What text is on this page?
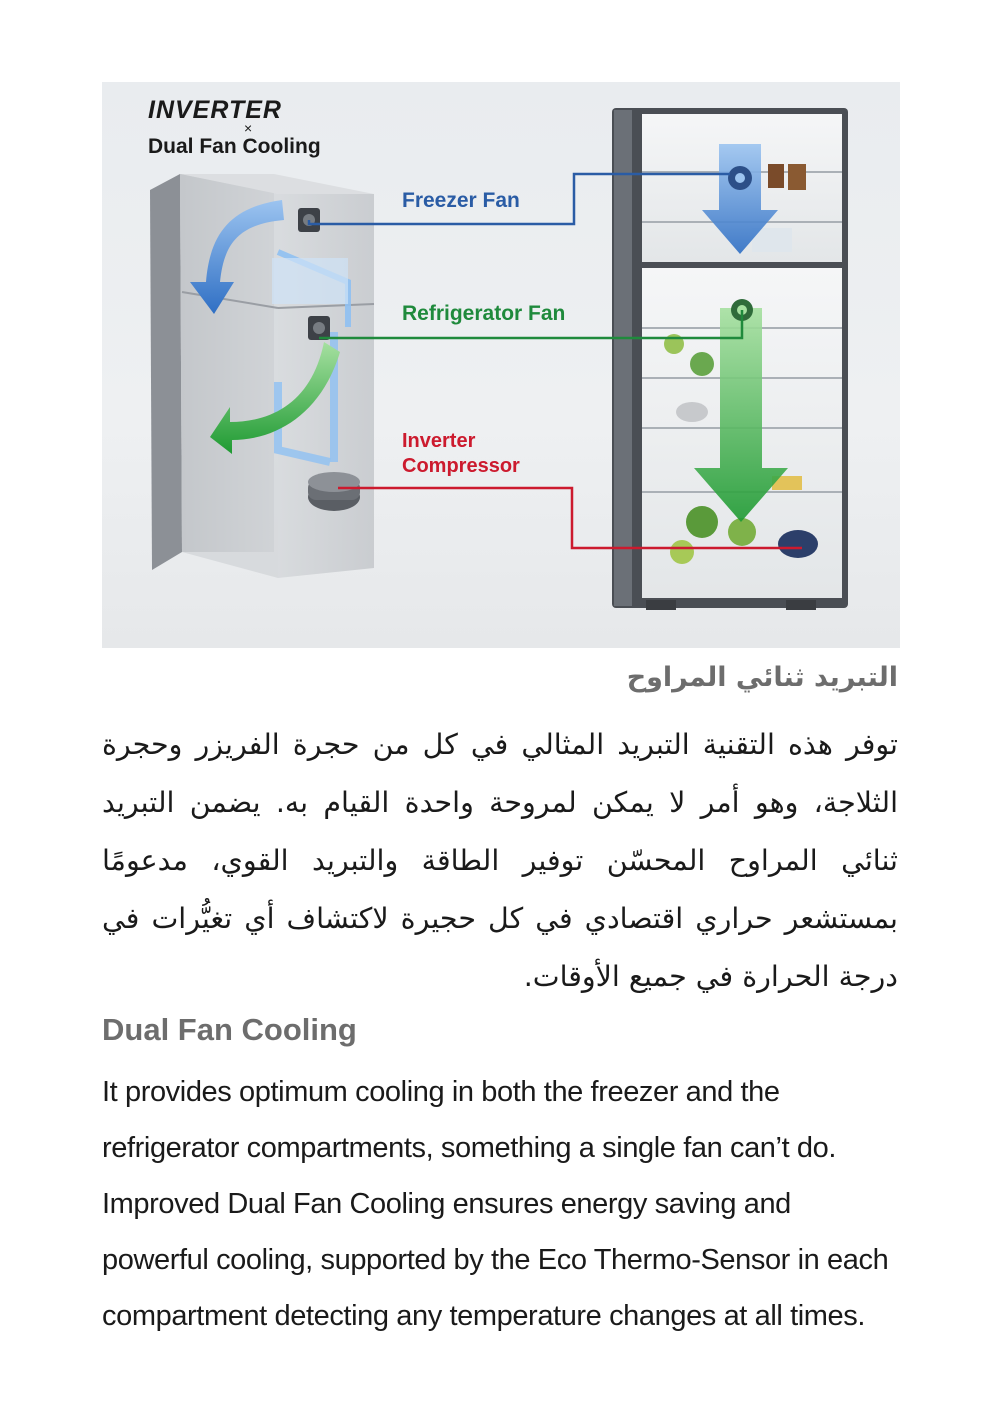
INVERTER
×
Dual Fan Cooling
Freezer Fan
Refrigerator Fan
Inverter
Compressor
التبريد ثنائي المراوح
توفر هذه التقنية التبريد المثالي في كل من حجرة الفريزر وحجرة الثلاجة، وهو أمر لا يمكن لمروحة واحدة القيام به. يضمن التبريد ثنائي المراوح المحسّن توفير الطاقة والتبريد القوي، مدعومًا بمستشعر حراري اقتصادي في كل حجيرة لاكتشاف أي تغيُّرات في درجة الحرارة في جميع الأوقات.
Dual Fan Cooling
It provides optimum cooling in both the freezer and the refrigerator compartments, something a single fan can’t do. Improved Dual Fan Cooling ensures energy saving and powerful cooling, supported by the Eco Thermo-Sensor in each compartment detecting any temperature changes at all times.
